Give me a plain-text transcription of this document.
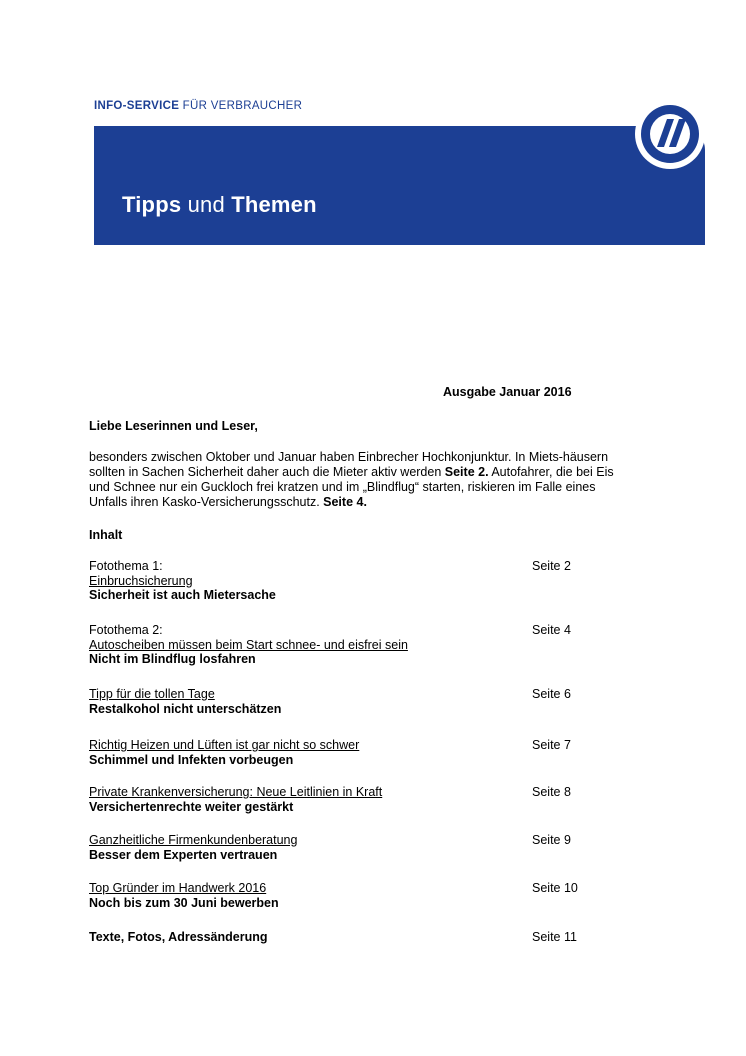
INFO-SERVICE FÜR VERBRAUCHER
Tipps und Themen
Ausgabe Januar 2016
Liebe Leserinnen und Leser,
besonders zwischen Oktober und Januar haben Einbrecher Hochkonjunktur. In Miets-häusern sollten in Sachen Sicherheit daher auch die Mieter aktiv werden Seite 2. Autofahrer, die bei Eis und Schnee nur ein Guckloch frei kratzen und im „Blindflug“ starten, riskieren im Falle eines Unfalls ihren Kasko-Versicherungsschutz. Seite 4.
Inhalt
Fotothema 1:
Einbruchsicherung
Sicherheit ist auch Mietersache
Seite 2
Fotothema 2:
Autoscheiben müssen beim Start schnee- und eisfrei sein
Nicht im Blindflug losfahren
Seite 4
Tipp für die tollen Tage
Restalkohol nicht unterschätzen
Seite 6
Richtig Heizen und Lüften ist gar nicht so schwer
Schimmel und Infekten vorbeugen
Seite 7
Private Krankenversicherung: Neue Leitlinien in Kraft
Versichertenrechte weiter gestärkt
Seite 8
Ganzheitliche Firmenkundenberatung
Besser dem Experten vertrauen
Seite 9
Top Gründer im Handwerk 2016
Noch bis zum 30 Juni bewerben
Seite 10
Texte, Fotos, Adressänderung	Seite 11
